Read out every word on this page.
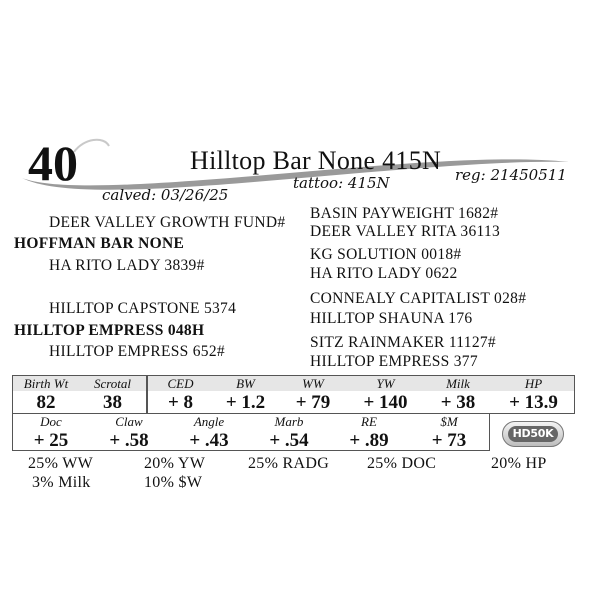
40	Hilltop Bar None 415N reg: 21450511
tattoo: 415N
calved: 03/26/25
DEER VALLEY GROWTH FUND#
HOFFMAN BAR NONE
HA RITO LADY 3839#
BASIN PAYWEIGHT 1682#
DEER VALLEY RITA 36113
KG SOLUTION 0018#
HA RITO LADY 0622
HILLTOP CAPSTONE 5374
HILLTOP EMPRESS 048H
HILLTOP EMPRESS 652#
CONNEALY CAPITALIST 028#
HILLTOP SHAUNA 176
SITZ RAINMAKER 11127#
HILLTOP EMPRESS 377
Birth Wt	Scrotal
82	38
CED	BW	WW	YW	Milk	HP
+ 8	+ 1.2	+ 79	+ 140	+ 38	+ 13.9
Doc	Claw	Angle	Marb	RE	$M
+ 25	+ .58	+ .43	+ .54	+ .89	+ 73	HD50K
25% WW	20% YW	25% RADG 25% DOC	20% HP
3% Milk	10% $W
